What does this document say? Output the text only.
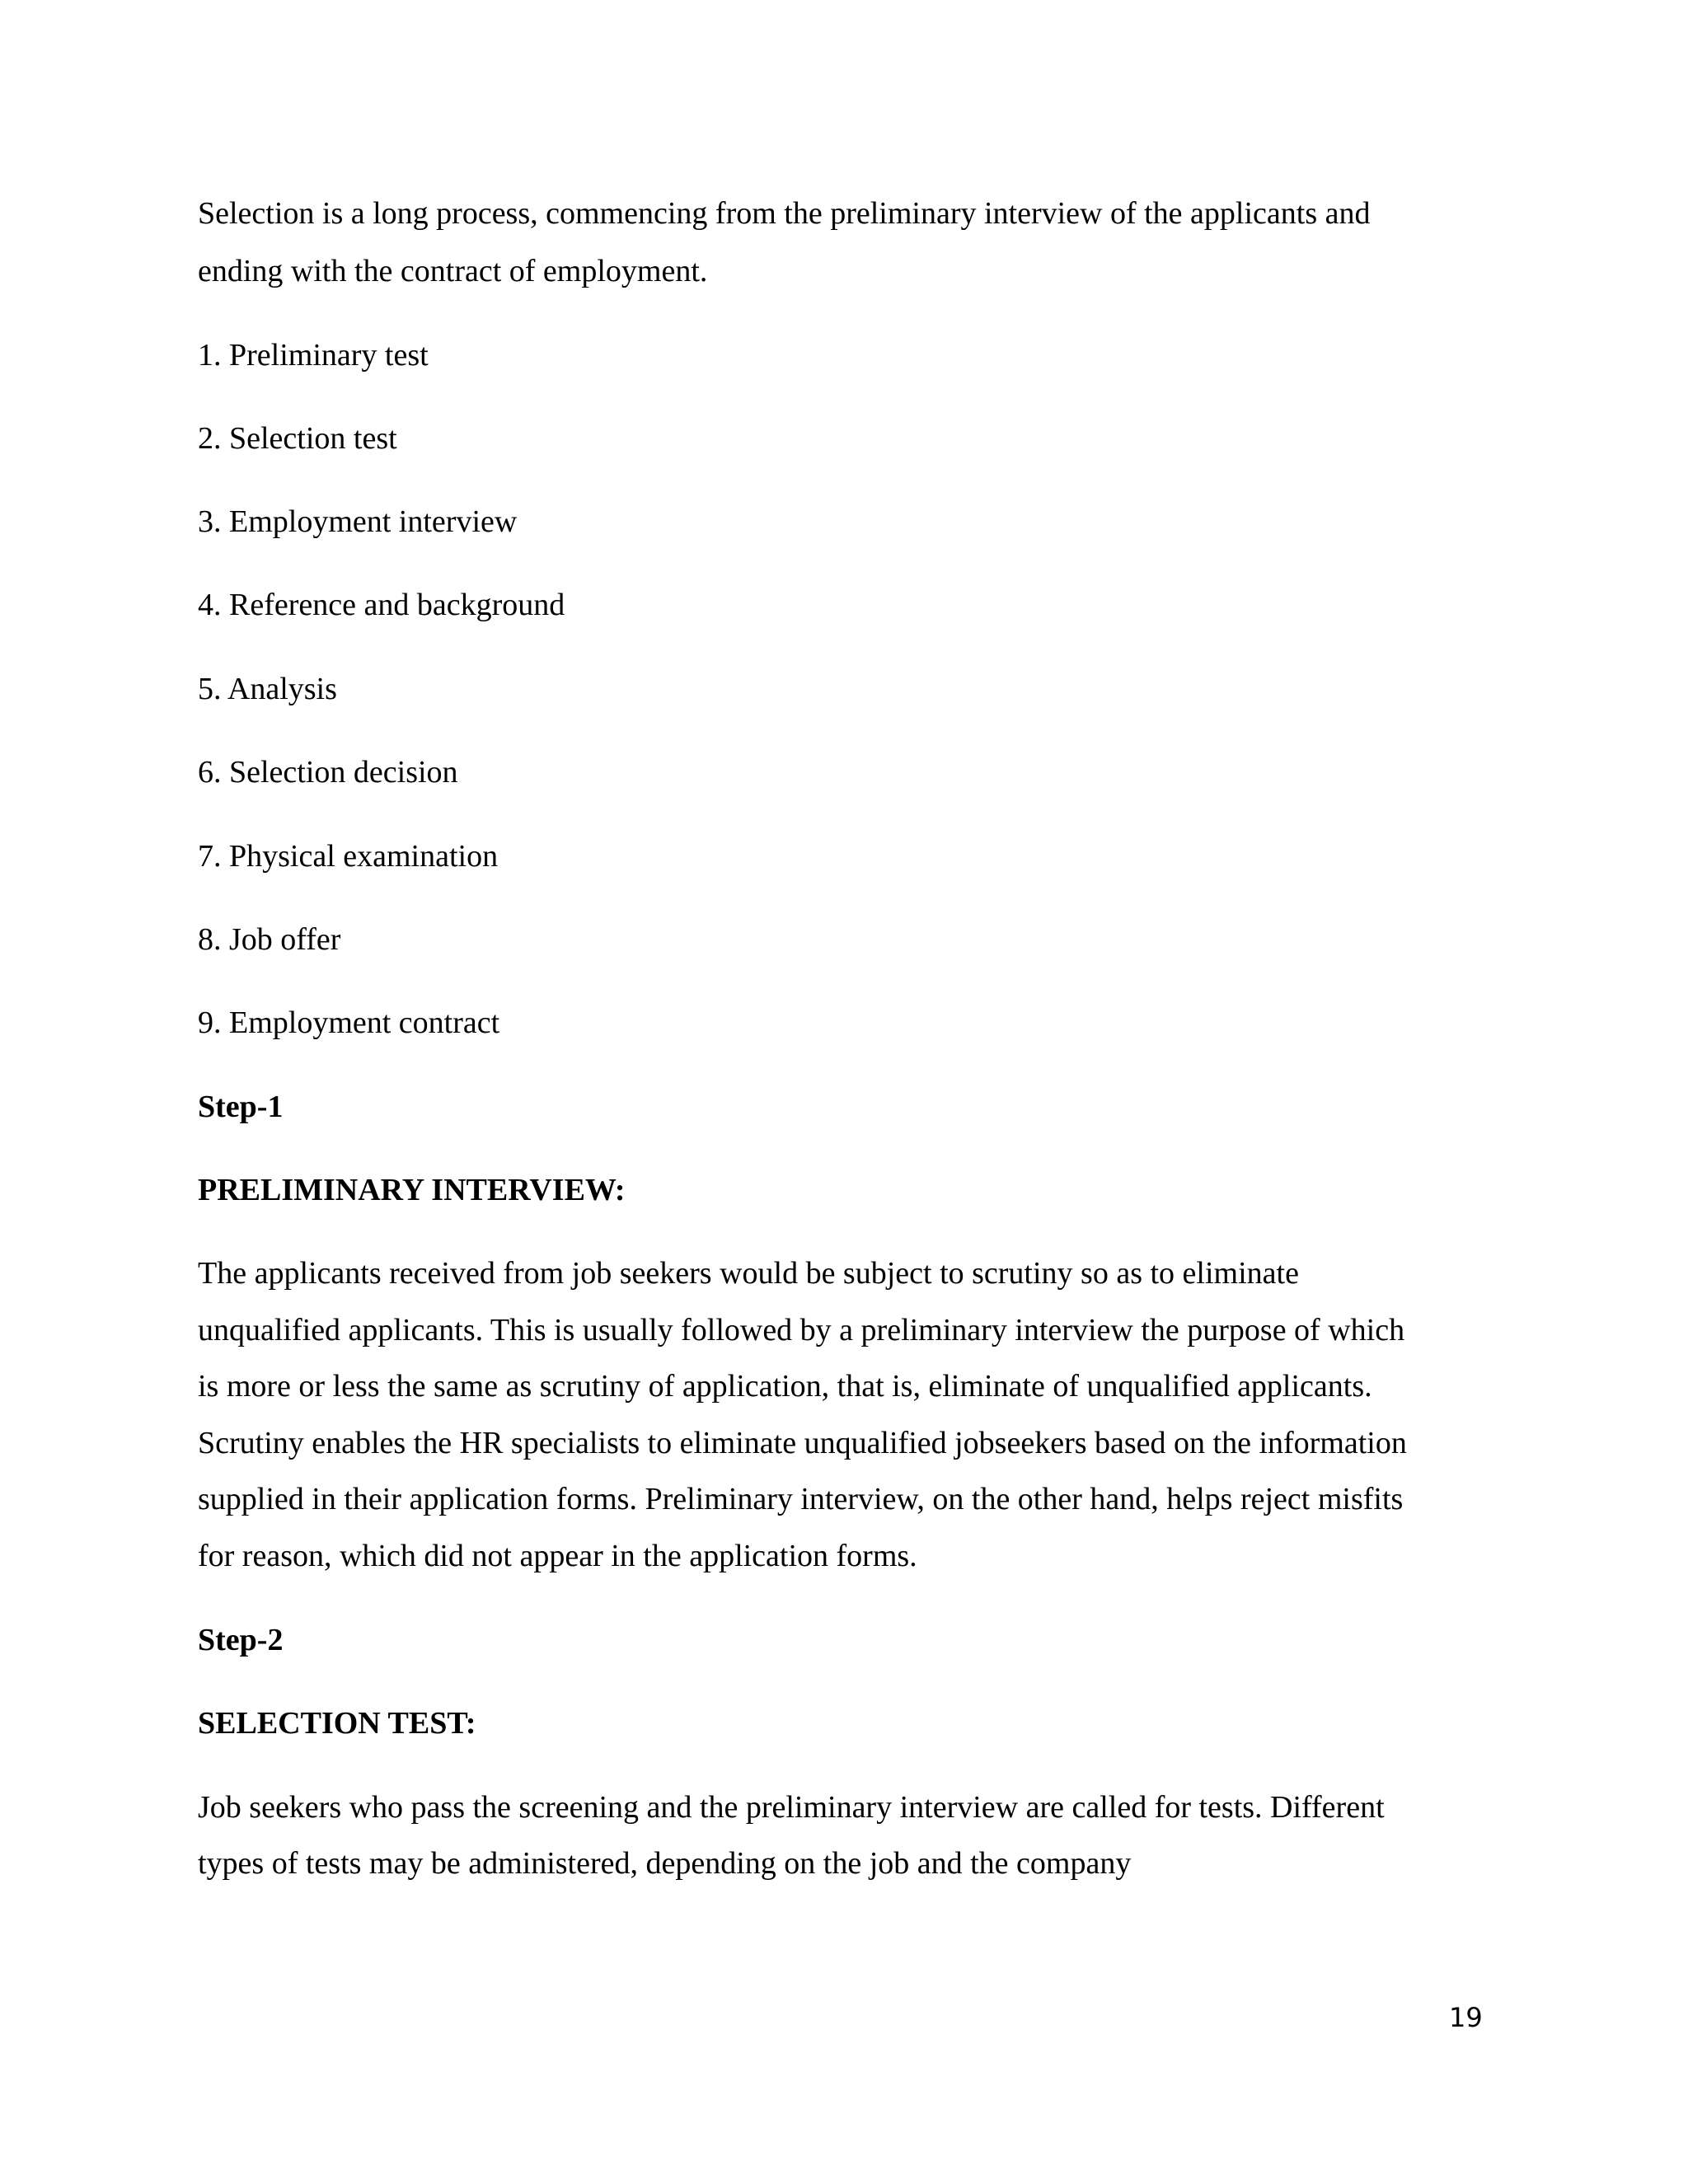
Selection is a long process, commencing from the preliminary interview of the applicants and

ending with the contract of employment.

1. Preliminary test

2. Selection test

3. Employment interview

4. Reference and background

5. Analysis

6. Selection decision

7. Physical examination

8. Job offer

9. Employment contract

Step-1

PRELIMINARY INTERVIEW:

The applicants received from job seekers would be subject to scrutiny so as to eliminate

unqualified applicants. This is usually followed by a preliminary interview the purpose of which

is more or less the same as scrutiny of application, that is, eliminate of unqualified applicants.

Scrutiny enables the HR specialists to eliminate unqualified jobseekers based on the information

supplied in their application forms. Preliminary interview, on the other hand, helps reject misfits

for reason, which did not appear in the application forms.

Step-2

SELECTION TEST:

Job seekers who pass the screening and the preliminary interview are called for tests. Different

types of tests may be administered, depending on the job and the company

19
